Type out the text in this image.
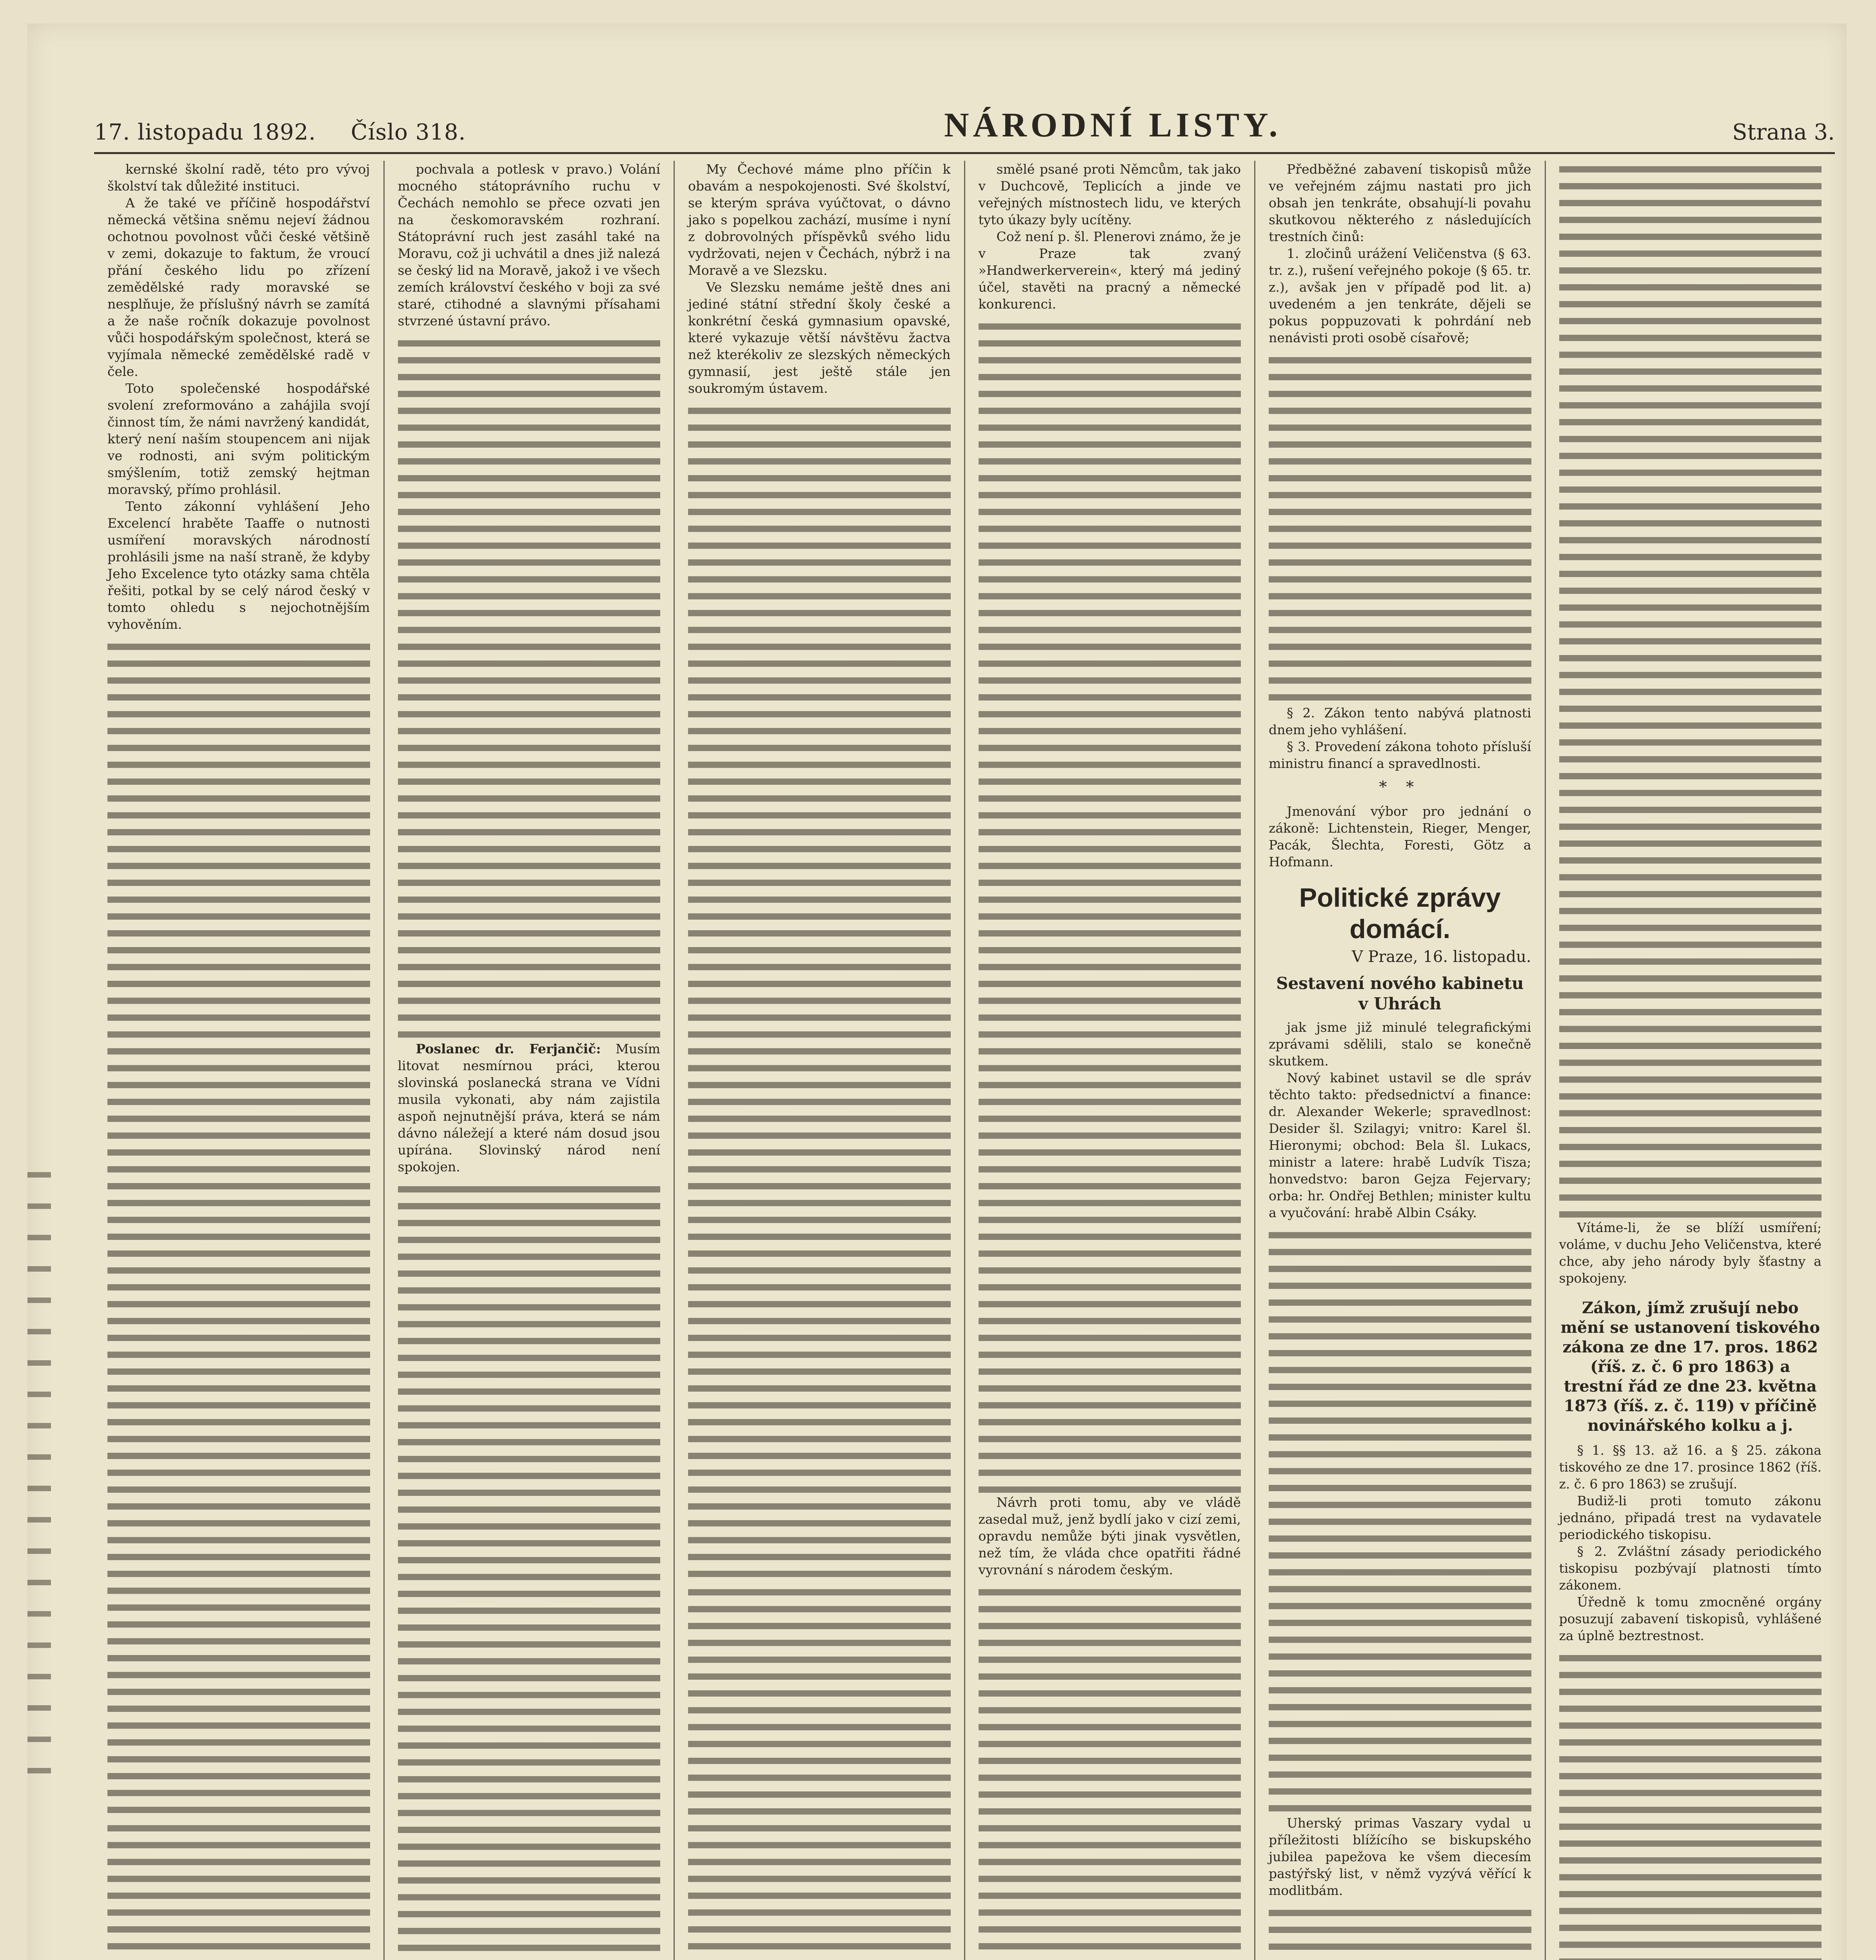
17. listopadu 1892. Číslo 318.	NÁRODNÍ LISTY.	Strana 3.

kernské školní radě, této pro vývoj školství tak důležité instituci.

A že také ve příčině hospodářství německá většina sněmu nejeví žádnou ochotnou povolnost vůči české většině v zemi, dokazuje to faktum, že vroucí přání českého lidu po zřízení zemědělské rady moravské se nesplňuje, že příslušný návrh se zamítá a že naše ročník dokazuje povolnost vůči hospodářským společnost, která se vyjímala německé zemědělské radě v čele.

Toto společenské hospodářské svolení zreformováno a zahájila svojí činnost tím, že námi navržený kandidát, který není naším stoupencem ani nijak ve rodnosti, ani svým politickým smýšlením, totiž zemský hejtman moravský, přímo prohlásil.

Tento zákonní vyhlášení Jeho Excelencí hraběte Taaffe o nutnosti usmíření moravských národností prohlásili jsme na naší straně, že kdyby Jeho Excelence tyto otázky sama chtěla řešiti, potkal by se celý národ český v tomto ohledu s nejochotnějším vyhověním.

pochvala a potlesk v pravo.) Volání mocného státoprávního ruchu v Čechách nemohlo se přece ozvati jen na českomoravském rozhraní. Státoprávní ruch jest zasáhl také na Moravu, což ji uchvátil a dnes již nalezá se český lid na Moravě, jakož i ve všech zemích království českého v boji za své staré, ctihodné a slavnými přísahami stvrzené ústavní právo.

Poslanec dr. Ferjančič: Musím litovat nesmírnou práci, kterou slovinská poslanecká strana ve Vídni musila vykonati, aby nám zajistila aspoň nejnutnější práva, která se nám dávno náležejí a které nám dosud jsou upírána. Slovinský národ není spokojen.

My Čechové máme plno příčin k obavám a nespokojenosti. Své školství, se kterým správa vyúčtovat, o dávno jako s popelkou zachází, musíme i nyní z dobrovolných příspěvků svého lidu vydržovati, nejen v Čechách, nýbrž i na Moravě a ve Slezsku.

Ve Slezsku nemáme ještě dnes ani jediné státní střední školy české a konkrétní česká gymnasium opavské, které vykazuje větší návštěvu žactva než kterékoliv ze slezských německých gymnasií, jest ještě stále jen soukromým ústavem.

smělé psané proti Němcům, tak jako v Duchcově, Teplicích a jinde ve veřejných místnostech lidu, ve kterých tyto úkazy byly ucítěny.

Což není p. šl. Plenerovi známo, že je v Praze tak zvaný »Handwerkerverein«, který má jediný účel, stavěti na pracný a německé konkurenci.

Návrh proti tomu, aby ve vládě zasedal muž, jenž bydlí jako v cizí zemi, opravdu nemůže býti jinak vysvětlen, než tím, že vláda chce opatřiti řádné vyrovnání s národem českým.

Předběžné zabavení tiskopisů může ve veřejném zájmu nastati pro jich obsah jen tenkráte, obsahují-li povahu skutkovou některého z následujících trestních činů:

1. zločinů urážení Veličenstva (§ 63. tr. z.), rušení veřejného pokoje (§ 65. tr. z.), avšak jen v případě pod lit. a) uvedeném a jen tenkráte, dějeli se pokus poppuzovati k pohrdání neb nenávisti proti osobě císařově;

§ 2. Zákon tento nabývá platnosti dnem jeho vyhlášení.

§ 3. Provedení zákona tohoto přísluší ministru financí a spravedlnosti.

* *

Jmenování výbor pro jednání o zákoně: Lichtenstein, Rieger, Menger, Pacák, Šlechta, Foresti, Götz a Hofmann.

Politické zprávy domácí.
V Praze, 16. listopadu.
Sestavení nového kabinetu v Uhrách

jak jsme již minulé telegrafickými zprávami sdělili, stalo se konečně skutkem.

Nový kabinet ustavil se dle správ těchto takto: předsednictví a finance: dr. Alexander Wekerle; spravedlnost: Desider šl. Szilagyi; vnitro: Karel šl. Hieronymi; obchod: Bela šl. Lukacs, ministr a latere: hrabě Ludvík Tisza; honvedstvo: baron Gejza Fejervary; orba: hr. Ondřej Bethlen; minister kultu a vyučování: hrabě Albin Csáky.

Uherský primas Vaszary vydal u příležitosti blížícího se biskupského jubilea papežova ke všem diecesím pastýřský list, v němž vyzývá věřící k modlitbám.

Vítáme-li, že se blíží usmíření; voláme, v duchu Jeho Veličenstva, které chce, aby jeho národy byly šťastny a spokojeny.

Zákon, jímž zrušují nebo mění se ustanovení tiskového zákona ze dne 17. pros. 1862 (říš. z. č. 6 pro 1863) a trestní řád ze dne 23. května 1873 (říš. z. č. 119) v příčině novinářského kolku a j.

§ 1. §§ 13. až 16. a § 25. zákona tiskového ze dne 17. prosince 1862 (říš. z. č. 6 pro 1863) se zrušují.

Budiž-li proti tomuto zákonu jednáno, připadá trest na vydavatele periodického tiskopisu.

§ 2. Zvláštní zásady periodického tiskopisu pozbývají platnosti tímto zákonem.

Úředně k tomu zmocněné orgány posuzují zabavení tiskopisů, vyhlášené za úplně beztrestnost.
